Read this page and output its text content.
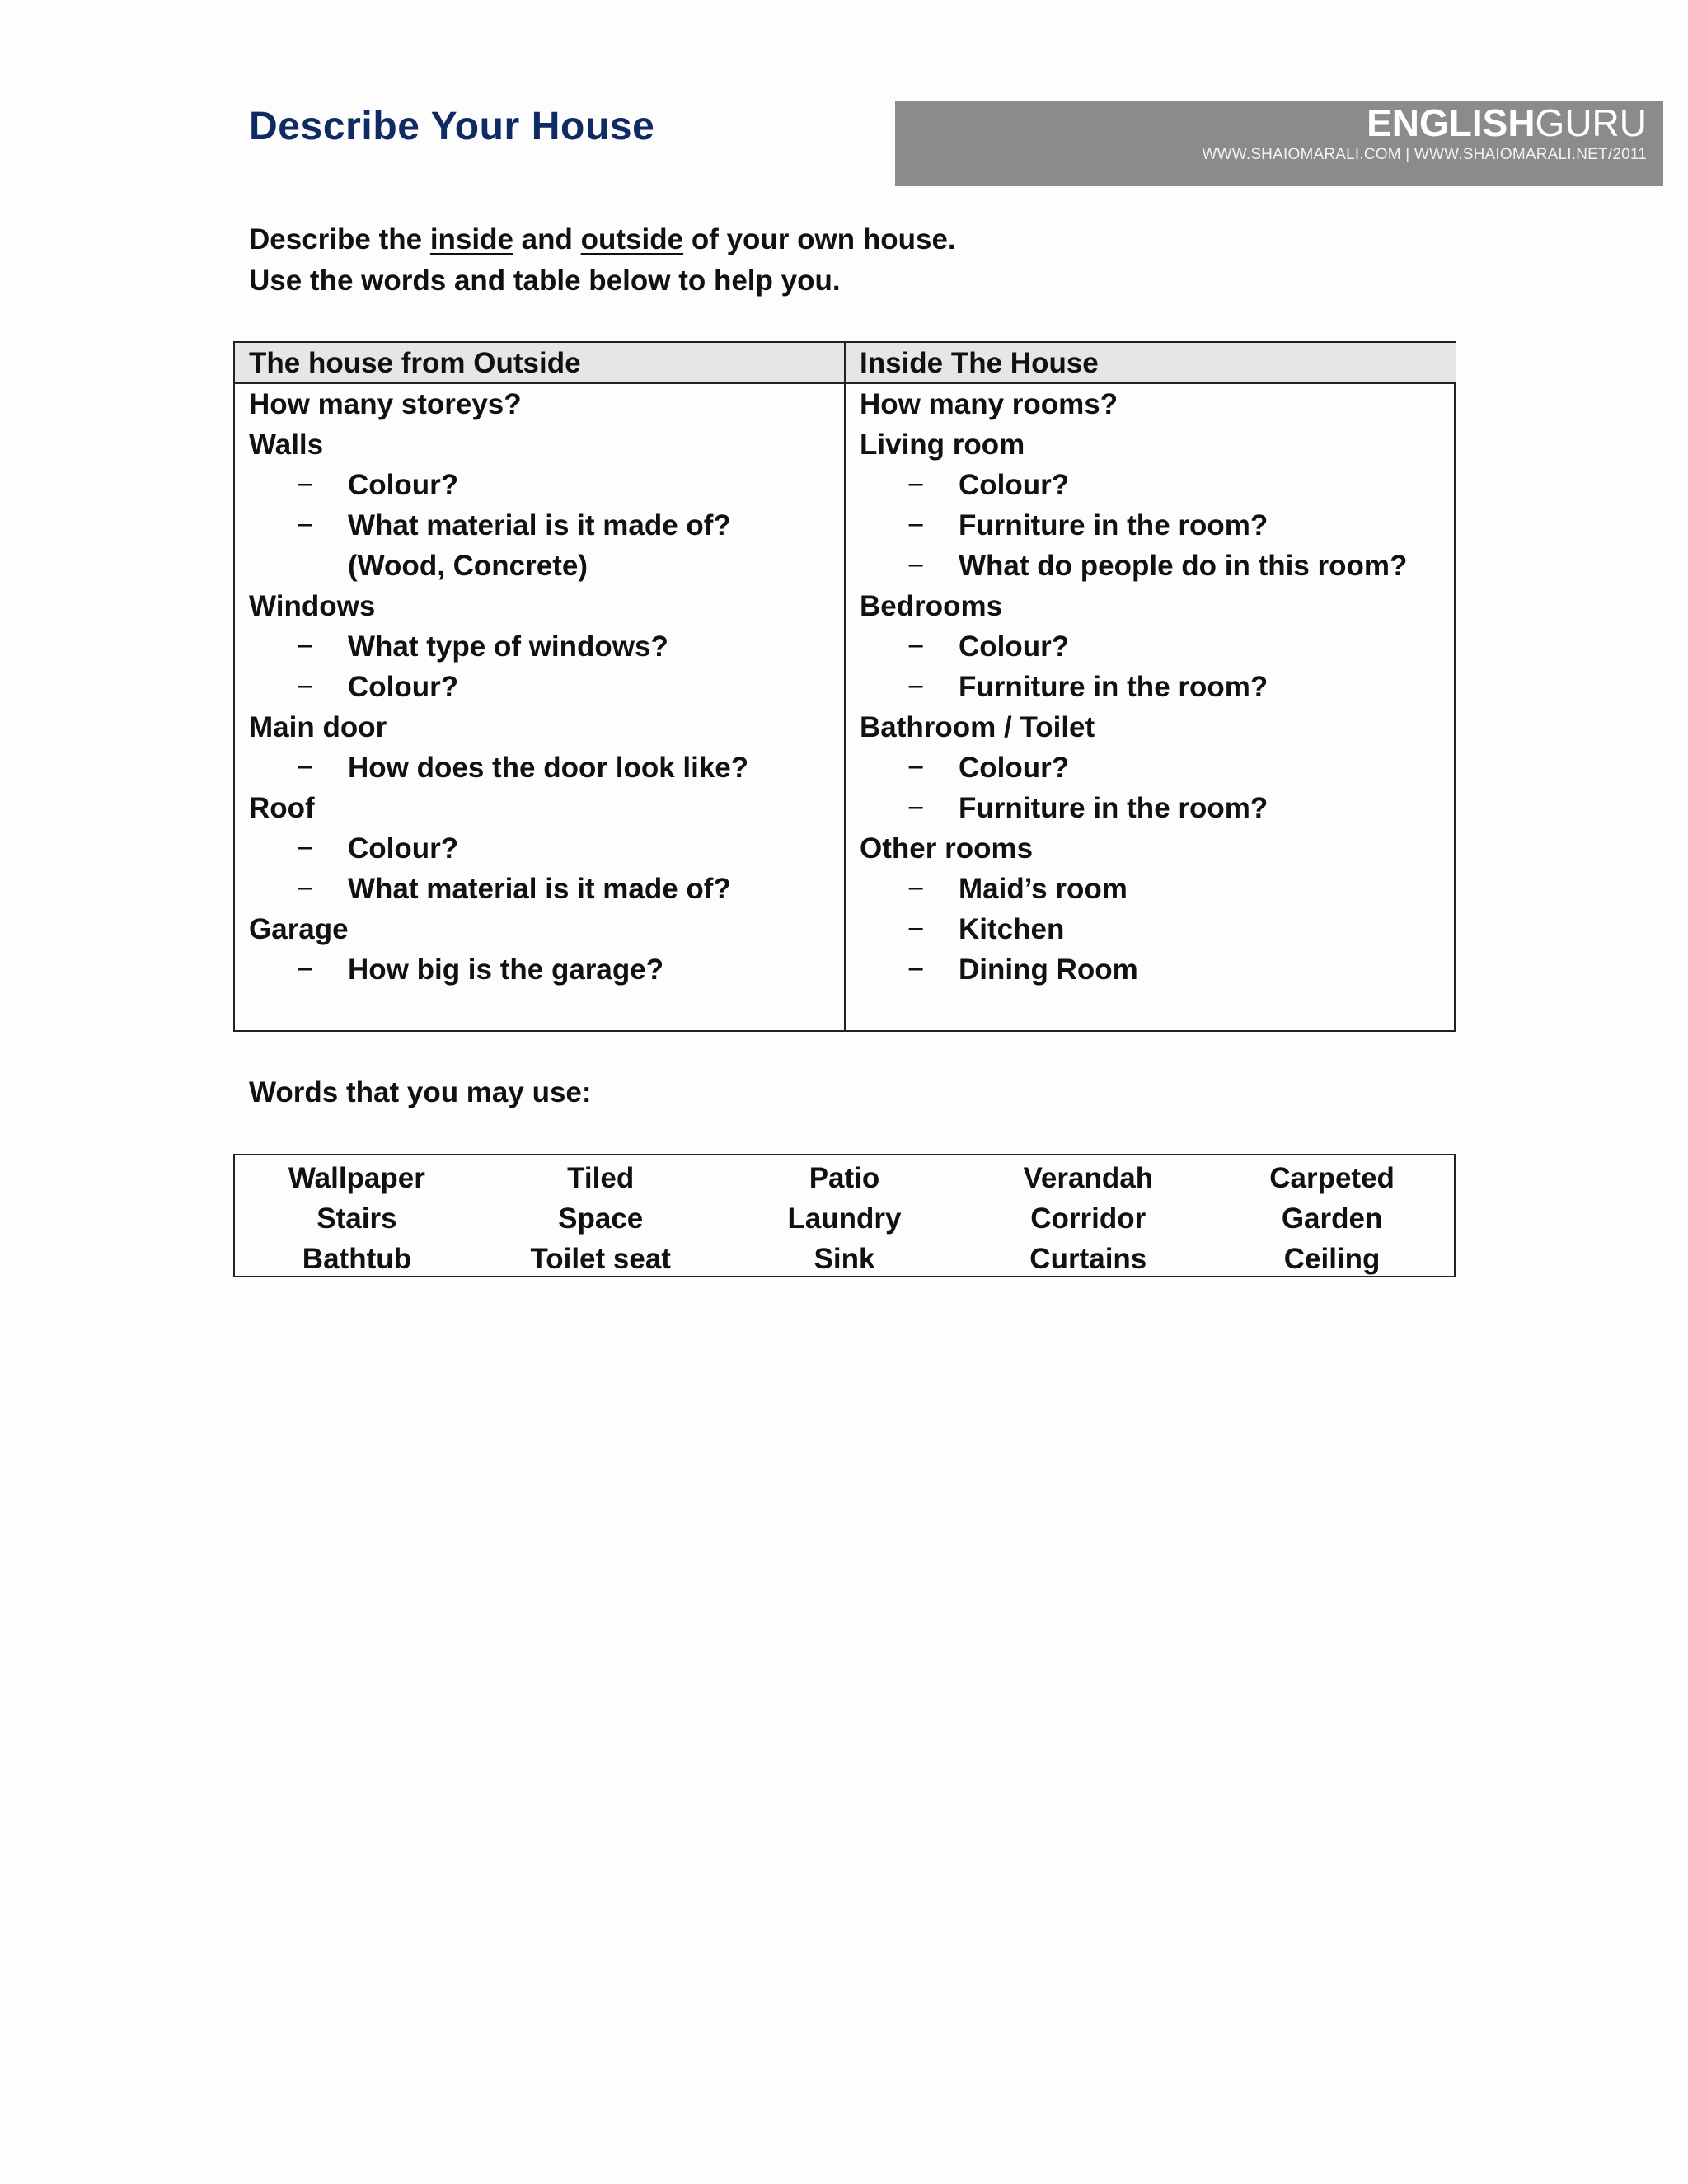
Describe Your House	ENGLISHGURU
WWW.SHAIOMARALI.COM | WWW.SHAIOMARALI.NET/2011
Describe the inside and outside of your own house.
Use the words and table below to help you.
The house from Outside	Inside The House
How many storeys?
Walls
−	Colour?
−	What material is it made of?
(Wood, Concrete)
Windows
−	What type of windows?
−	Colour?
Main door
−	How does the door look like?
Roof
−	Colour?
−	What material is it made of?
Garage
−	How big is the garage?
How many rooms?
Living room
−	Colour?
−	Furniture in the room?
−	What do people do in this room?
Bedrooms
−	Colour?
−	Furniture in the room?
Bathroom / Toilet
−	Colour?
−	Furniture in the room?
Other rooms
−	Maid’s room
−	Kitchen
−	Dining Room
Words that you may use:
Wallpaper	Tiled	Patio	Verandah	Carpeted
Stairs	Space	Laundry	Corridor	Garden
Bathtub	Toilet seat	Sink	Curtains	Ceiling
